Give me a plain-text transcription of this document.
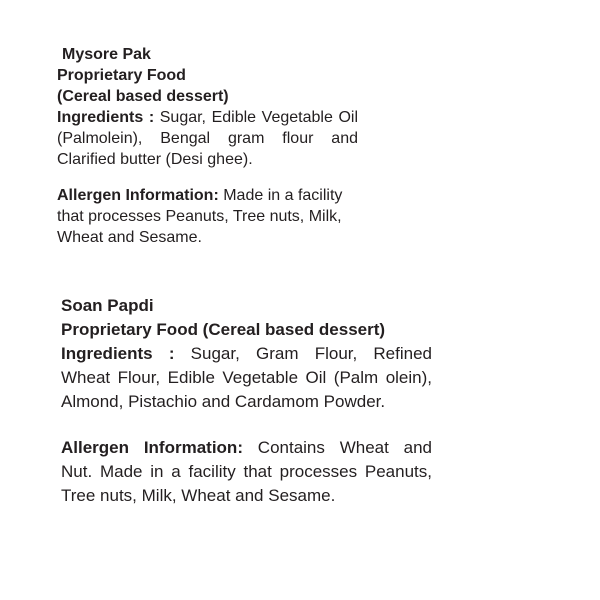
Mysore Pak
Proprietary Food
(Cereal based dessert)
Ingredients : Sugar, Edible Vegetable Oil
(Palmolein), Bengal gram flour and
Clarified butter (Desi ghee).
Allergen Information: Made in a facility
that processes Peanuts, Tree nuts, Milk,
Wheat and Sesame.
Soan Papdi
Proprietary Food (Cereal based dessert)
Ingredients : Sugar, Gram Flour, Refined
Wheat Flour, Edible Vegetable Oil (Palm olein),
Almond, Pistachio and Cardamom Powder.
Allergen Information: Contains Wheat and
Nut. Made in a facility that processes Peanuts,
Tree nuts, Milk, Wheat and Sesame.
